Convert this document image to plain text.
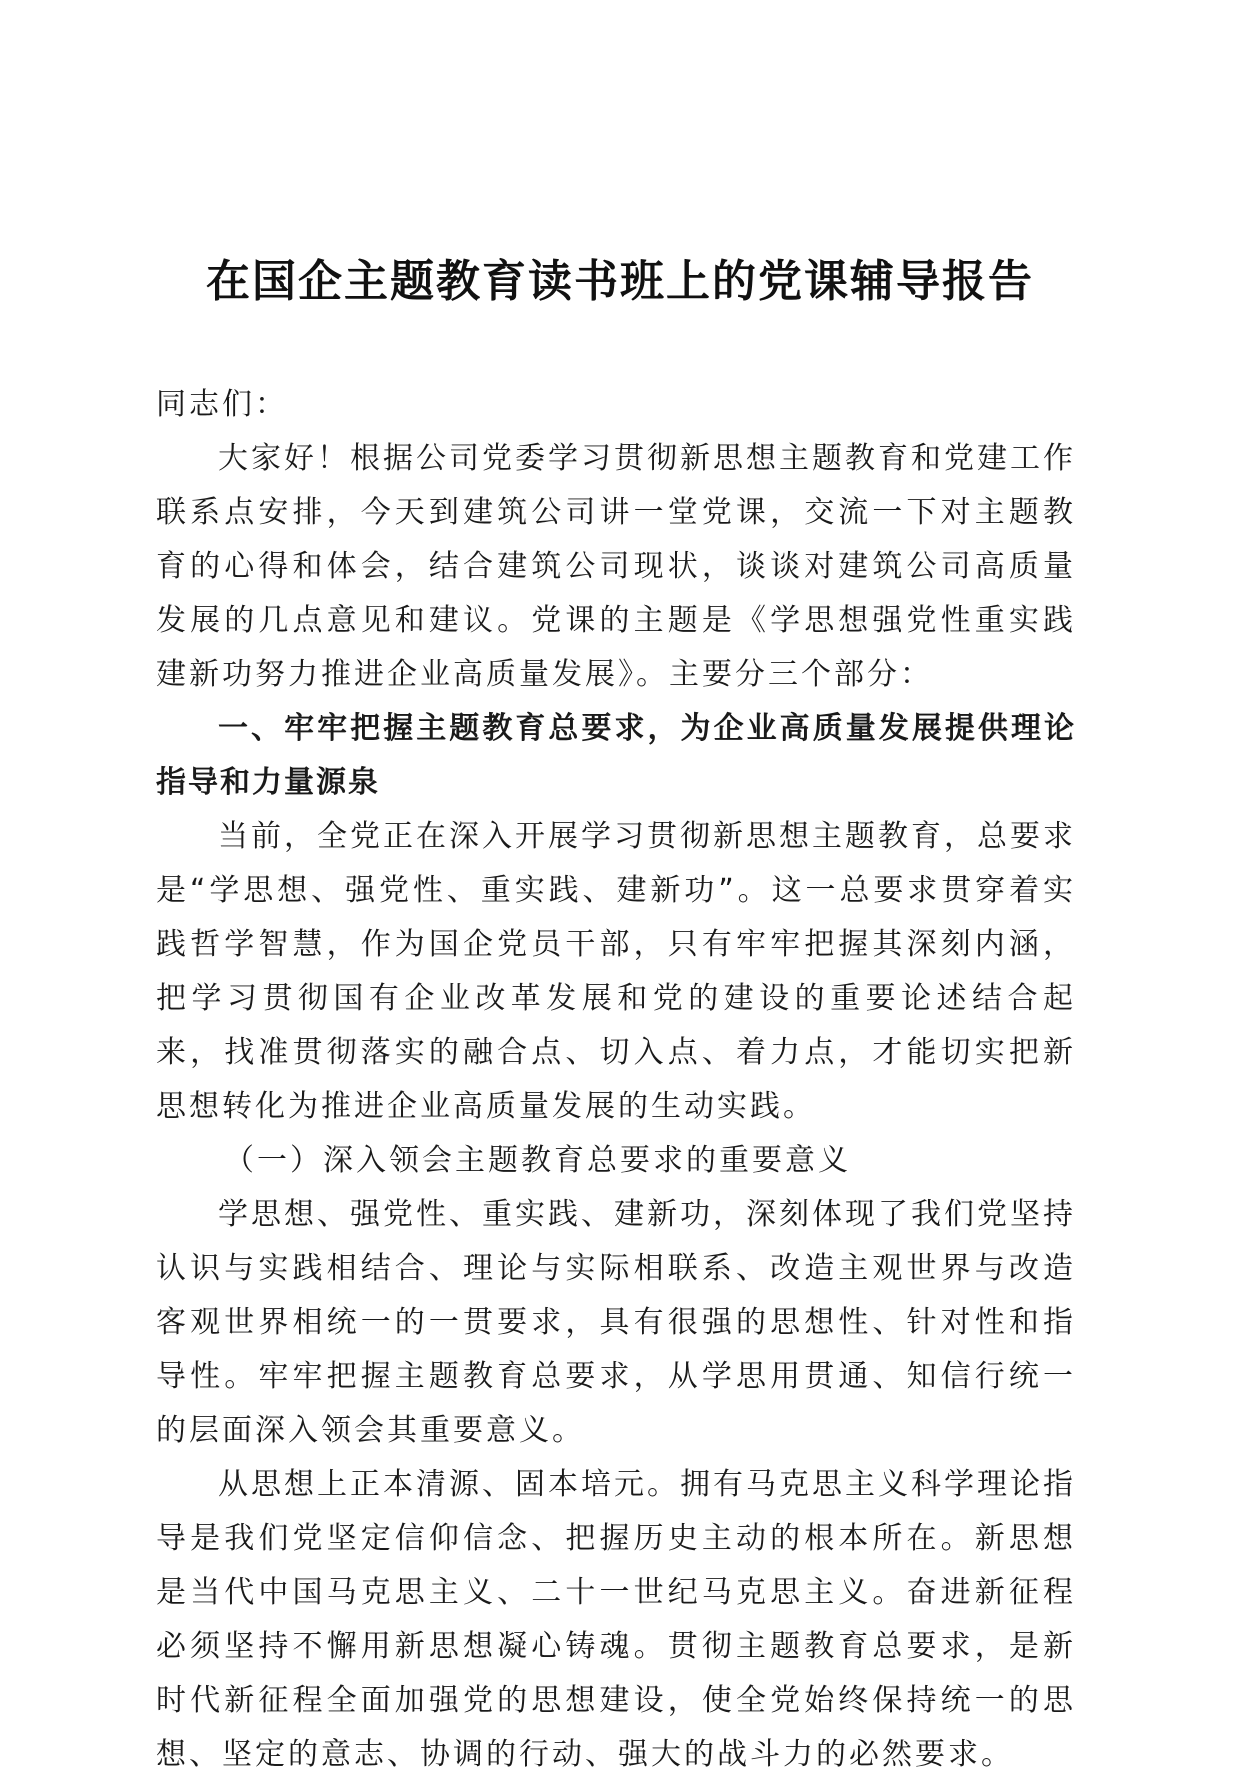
在国企主题教育读书班上的党课辅导报告

同志们：

大家好！根据公司党委学习贯彻新思想主题教育和党建工作联系点安排，今天到建筑公司讲一堂党课，交流一下对主题教育的心得和体会，结合建筑公司现状，谈谈对建筑公司高质量发展的几点意见和建议。党课的主题是《学思想强党性重实践建新功努力推进企业高质量发展》。主要分三个部分：

一、牢牢把握主题教育总要求，为企业高质量发展提供理论指导和力量源泉

当前，全党正在深入开展学习贯彻新思想主题教育，总要求是“学思想、强党性、重实践、建新功”。这一总要求贯穿着实践哲学智慧，作为国企党员干部，只有牢牢把握其深刻内涵，把学习贯彻国有企业改革发展和党的建设的重要论述结合起来，找准贯彻落实的融合点、切入点、着力点，才能切实把新思想转化为推进企业高质量发展的生动实践。

（一）深入领会主题教育总要求的重要意义

学思想、强党性、重实践、建新功，深刻体现了我们党坚持认识与实践相结合、理论与实际相联系、改造主观世界与改造客观世界相统一的一贯要求，具有很强的思想性、针对性和指导性。牢牢把握主题教育总要求，从学思用贯通、知信行统一的层面深入领会其重要意义。

从思想上正本清源、固本培元。拥有马克思主义科学理论指导是我们党坚定信仰信念、把握历史主动的根本所在。新思想是当代中国马克思主义、二十一世纪马克思主义。奋进新征程必须坚持不懈用新思想凝心铸魂。贯彻主题教育总要求，是新时代新征程全面加强党的思想建设，使全党始终保持统一的思想、坚定的意志、协调的行动、强大的战斗力的必然要求。
